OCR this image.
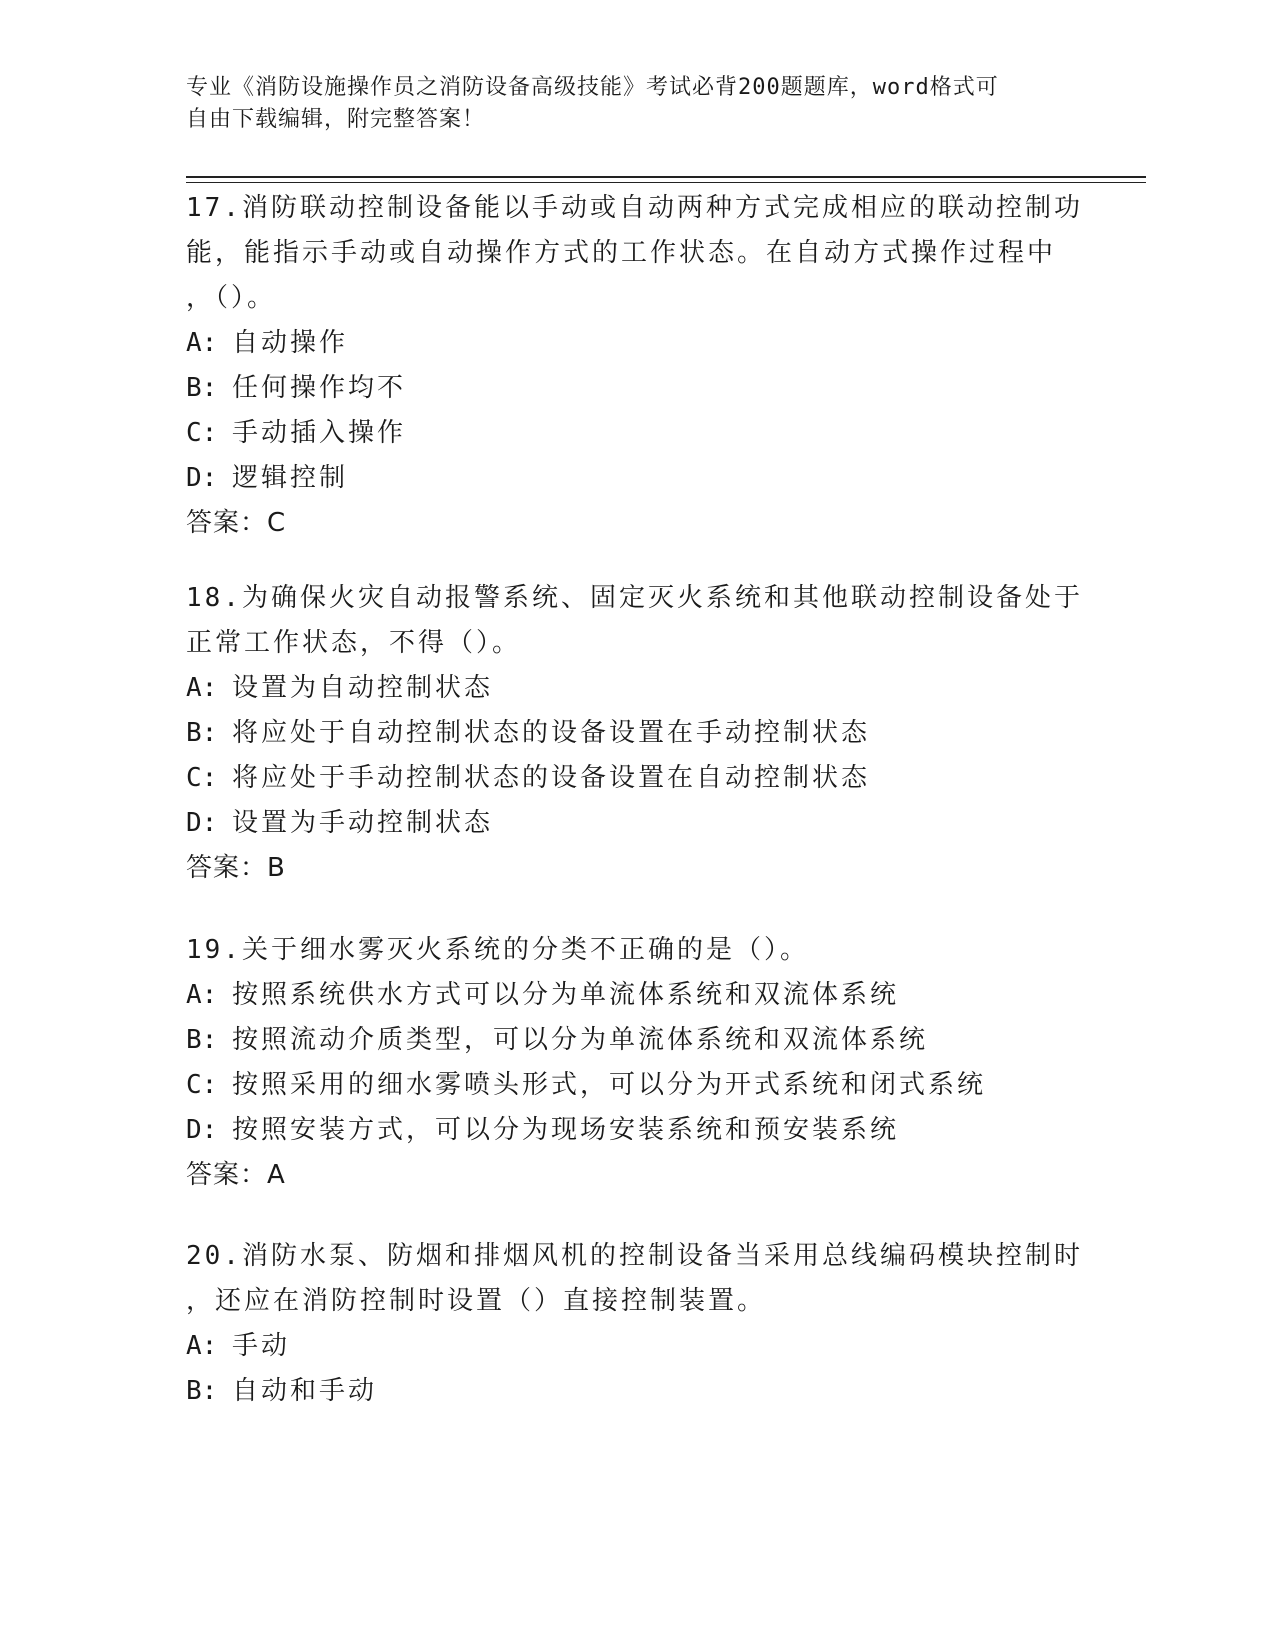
专业《消防设施操作员之消防设备高级技能》考试必背200题题库，word格式可
自由下载编辑，附完整答案！

17.消防联动控制设备能以手动或自动两种方式完成相应的联动控制功

能，能指示手动或自动操作方式的工作状态。在自动方式操作过程中

，（）。

A: 自动操作

B: 任何操作均不

C: 手动插入操作

D: 逻辑控制

答案：C

18.为确保火灾自动报警系统、固定灭火系统和其他联动控制设备处于

正常工作状态，不得（）。

A: 设置为自动控制状态

B: 将应处于自动控制状态的设备设置在手动控制状态

C: 将应处于手动控制状态的设备设置在自动控制状态

D: 设置为手动控制状态

答案：B

19.关于细水雾灭火系统的分类不正确的是（）。

A: 按照系统供水方式可以分为单流体系统和双流体系统

B: 按照流动介质类型，可以分为单流体系统和双流体系统

C: 按照采用的细水雾喷头形式，可以分为开式系统和闭式系统

D: 按照安装方式，可以分为现场安装系统和预安装系统

答案：A

20.消防水泵、防烟和排烟风机的控制设备当采用总线编码模块控制时

，还应在消防控制时设置（）直接控制装置。

A: 手动

B: 自动和手动
